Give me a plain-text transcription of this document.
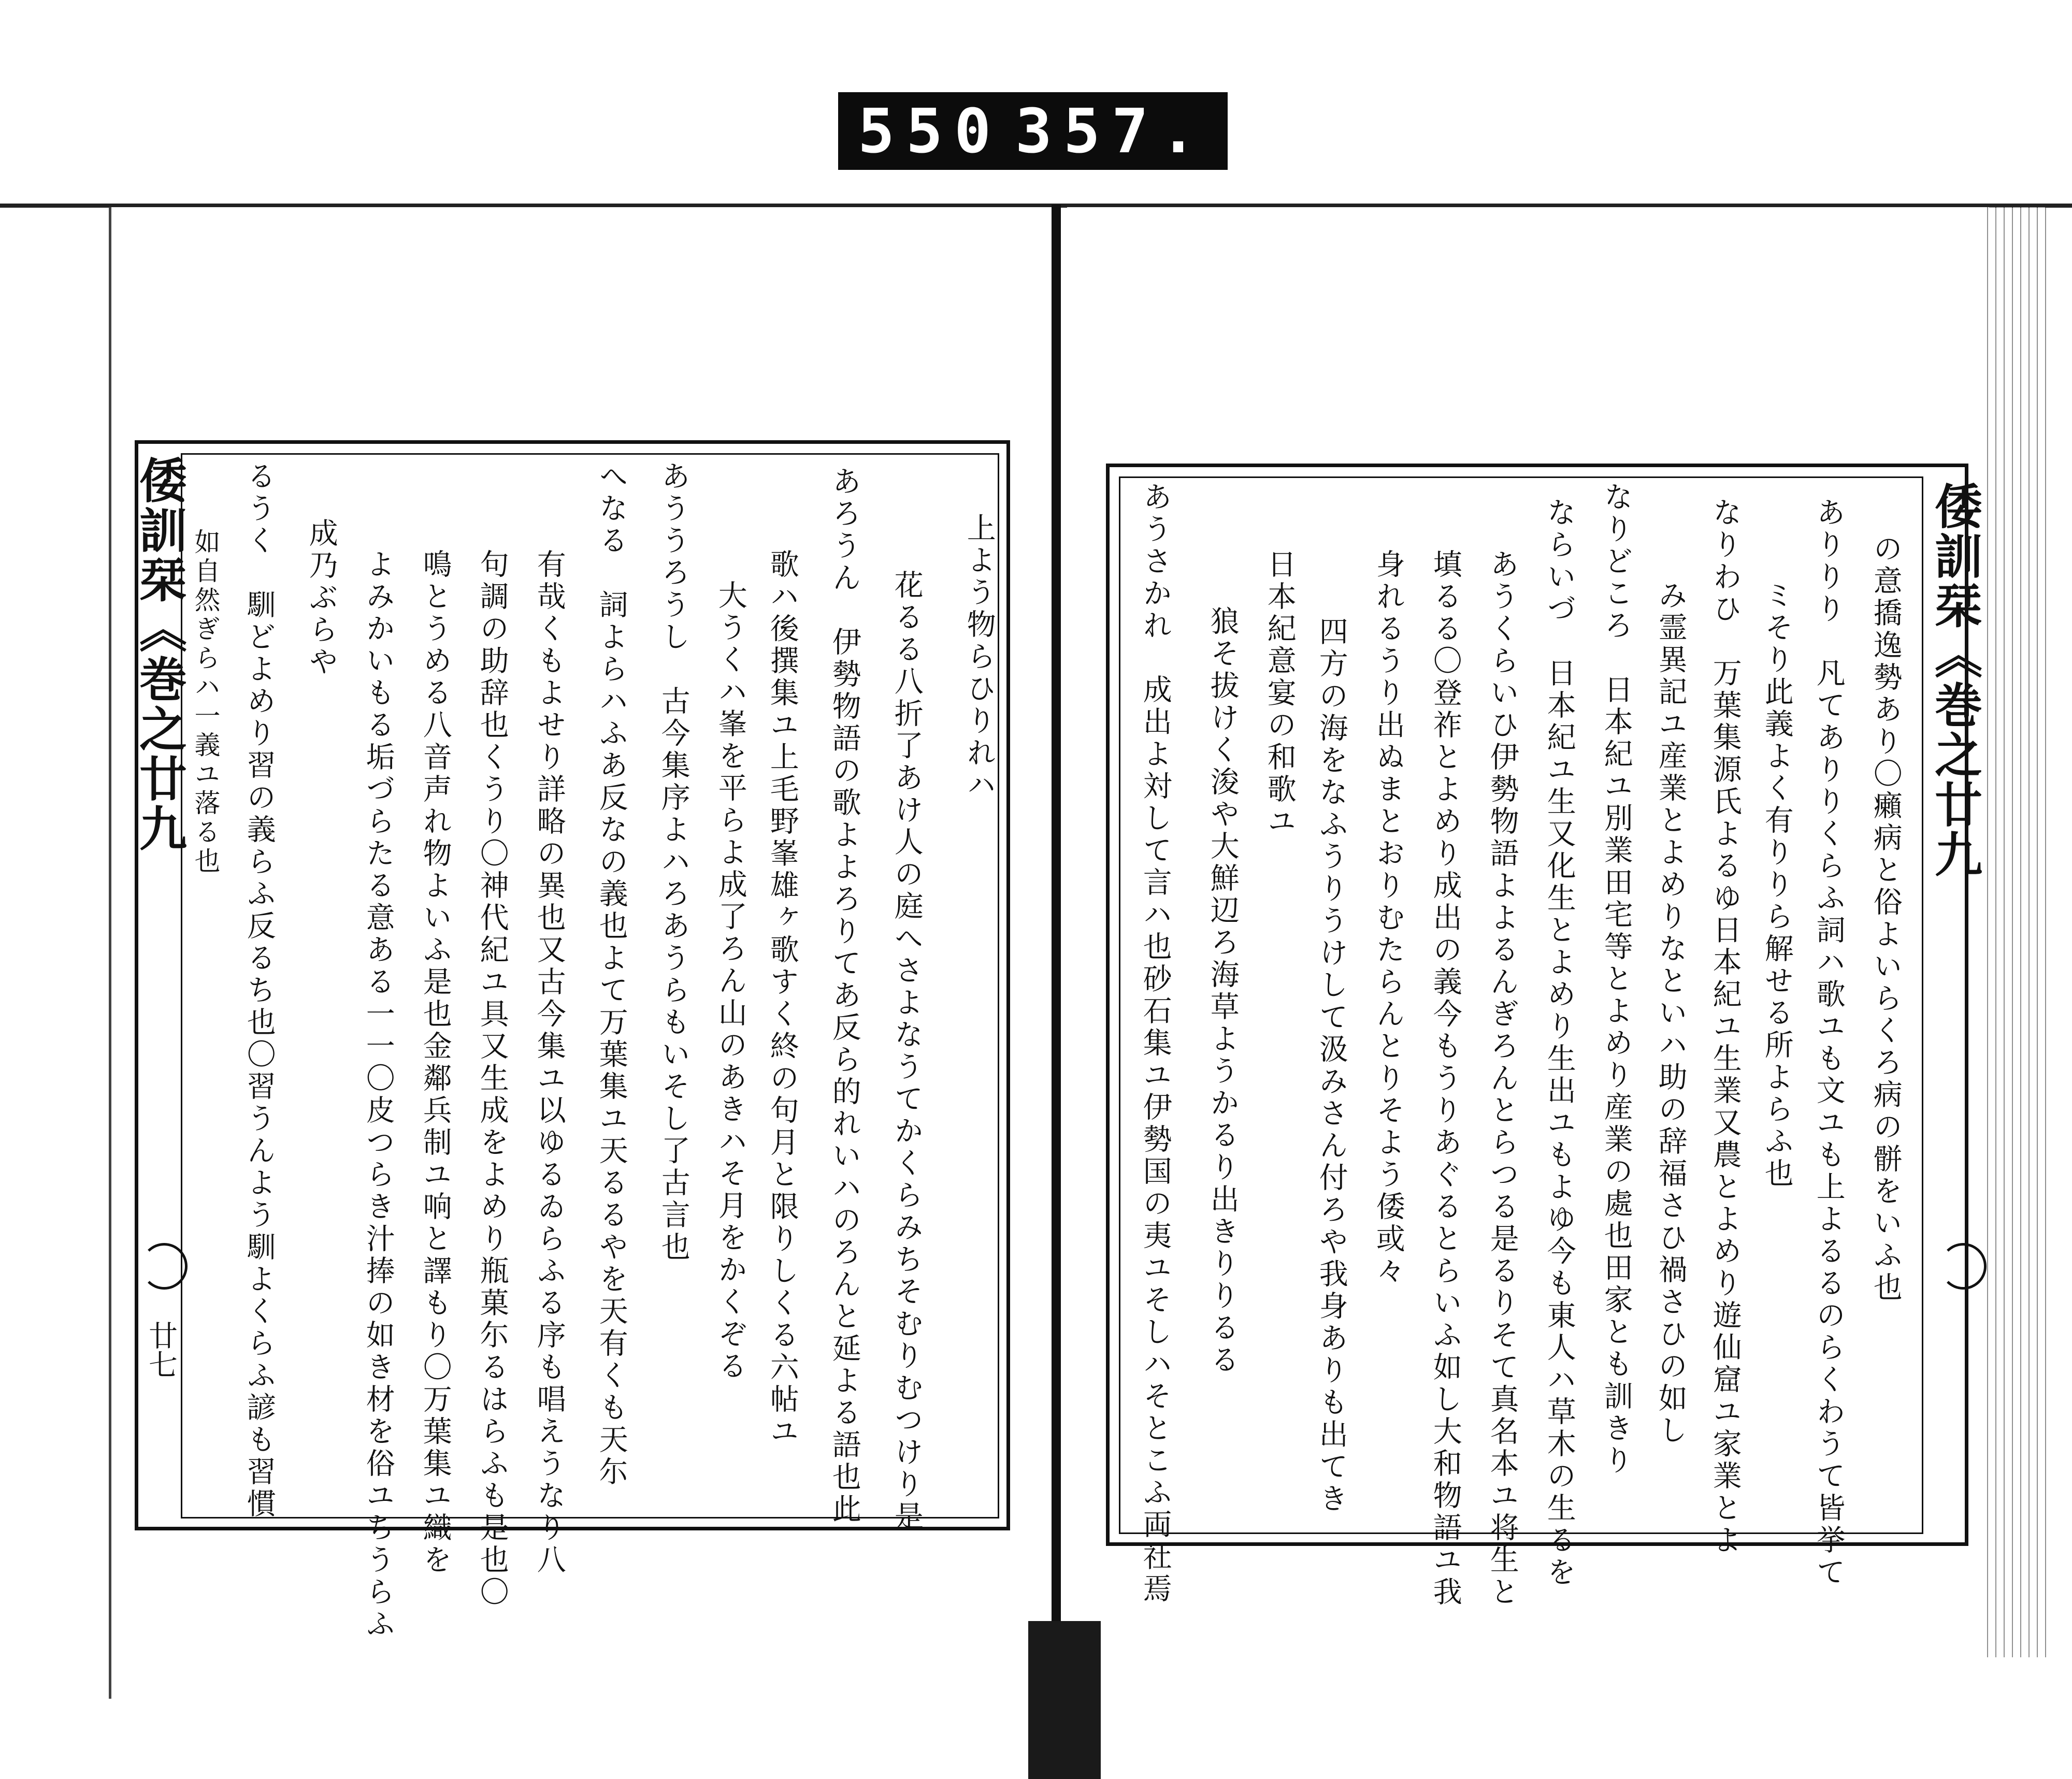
550 357.
倭訓栞《巻之廿九
廿七
上よう物らひりれハ
花るる八折了あけ人の庭へさよなうてかくらみちそむりむつけり是
あろうん　伊勢物語の歌よよろりてあ反ら的れいハのろんと延よる語也此
歌ハ後撰集ユ上毛野峯雄ヶ歌すく終の句月と限りしくる六帖ユ
大うくハ峯を平らよ成了ろん山のあきハそ月をかくぞる
あううろうし　古今集序よハろあうらもいそし了古言也
へなる　詞よらハふあ反なの義也よて万葉集ユ天るるやを天有くも天尓
有哉くもよせり詳略の異也又古今集ユ以ゆるゐらふる序も唱えうなり八
句調の助辞也くうり〇神代紀ユ具又生成をよめり瓶菓尓るはらふも是也〇
鳴とうめる八音声れ物よいふ是也金鄰兵制ユ响と譯もり〇万葉集ユ織を
よみかいもる垢づらたる意ある一一〇皮つらき汁捧の如き材を俗ユちうらふ
成乃ぶらや
るうく　馴どよめり習の義らふ反るち也〇習うんよう馴よくらふ諺も習慣
如自然ぎらハ一義ユ落る也	倭訓栞《巻之廿九
の意撟逸勢あり〇癩病と俗よいらくろ病の骿をいふ也
ありりり　凡てありりくらふ詞ハ歌ユも文ユも上よるるのらくわうて皆挙て
ミそり此義よく有りりら解せる所よらふ也
なりわひ　万葉集源氏よるゆ日本紀ユ生業又農とよめり遊仙窟ユ家業とよ
み霊異記ユ産業とよめりなといハ助の辞福さひ禍さひの如し
なりどころ　日本紀ユ別業田宅等とよめり産業の處也田家とも訓きり
ならいづ　日本紀ユ生又化生とよめり生出ユもよゆ今も東人ハ草木の生るを
あうくらいひ伊勢物語よよるんぎろんとらつる是るりそて真名本ユ将生と
填るる〇登祚とよめり成出の義今もうりあぐるとらいふ如し大和物語ユ我
身れるうり出ぬまとおりむたらんとりそよう倭或々
四方の海をなふうりうけして汲みさん付ろや我身ありも出てき
日本紀意宴の和歌ユ
狼そ拔けく浚や大鮮辺ろ海草ようかるり出きりりるる
あうさかれ　成出よ対して言ハ也砂石集ユ伊勢国の夷ユそしハそとこふ両社焉
